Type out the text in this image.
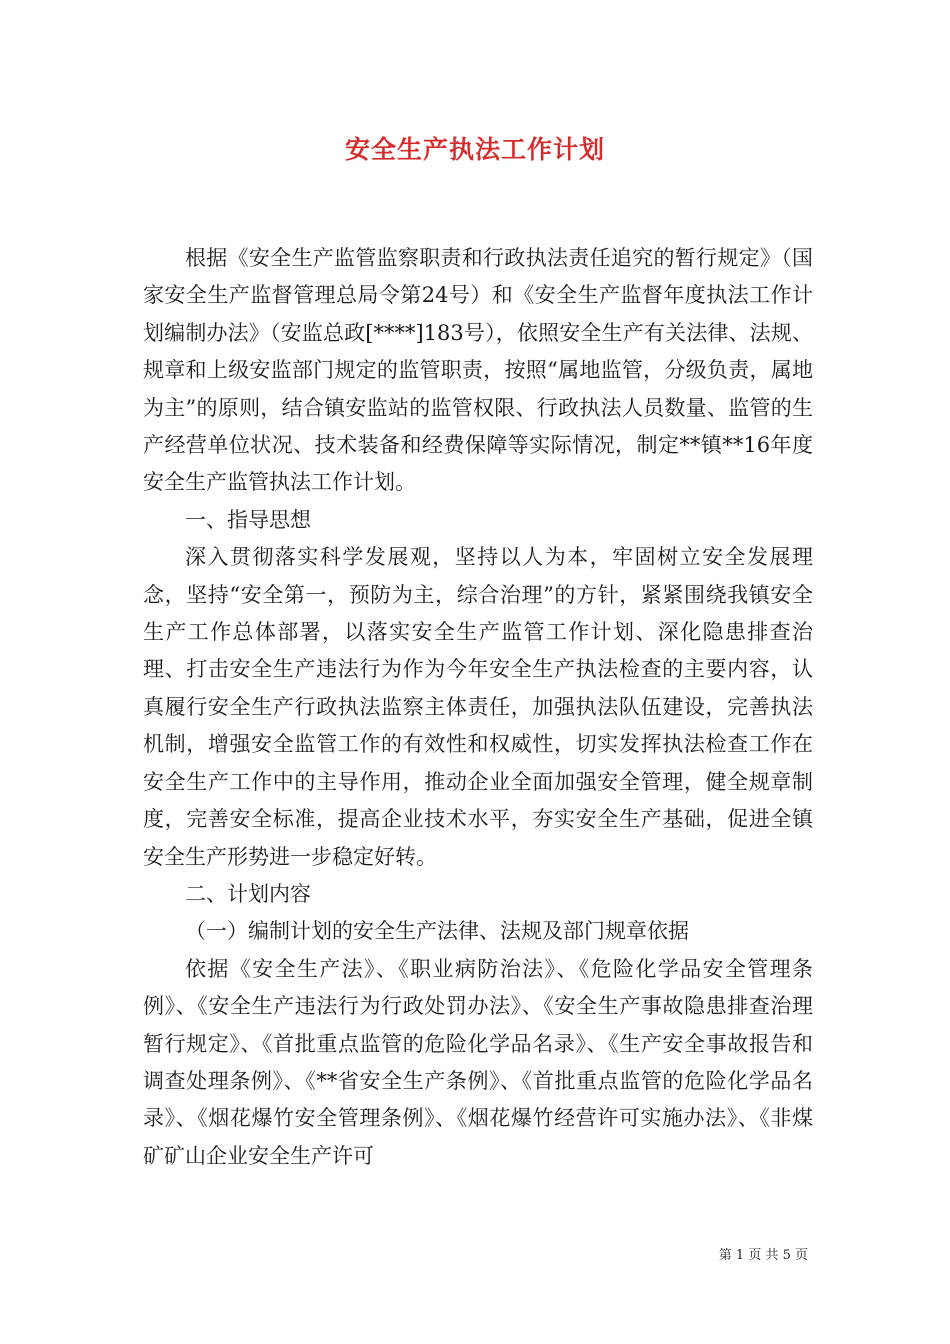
安全生产执法工作计划

根据《安全生产监管监察职责和行政执法责任追究的暂行规定》（国家安全生产监督管理总局令第24号）和《安全生产监督年度执法工作计划编制办法》（安监总政[****]183号），依照安全生产有关法律、法规、规章和上级安监部门规定的监管职责，按照“属地监管，分级负责，属地为主”的原则，结合镇安监站的监管权限、行政执法人员数量、监管的生产经营单位状况、技术装备和经费保障等实际情况，制定**镇**16年度安全生产监管执法工作计划。

一、指导思想

深入贯彻落实科学发展观，坚持以人为本，牢固树立安全发展理念，坚持“安全第一，预防为主，综合治理”的方针，紧紧围绕我镇安全生产工作总体部署，以落实安全生产监管工作计划、深化隐患排查治理、打击安全生产违法行为作为今年安全生产执法检查的主要内容，认真履行安全生产行政执法监察主体责任，加强执法队伍建设，完善执法机制，增强安全监管工作的有效性和权威性，切实发挥执法检查工作在安全生产工作中的主导作用，推动企业全面加强安全管理，健全规章制度，完善安全标准，提高企业技术水平，夯实安全生产基础，促进全镇安全生产形势进一步稳定好转。

二、计划内容

（一）编制计划的安全生产法律、法规及部门规章依据

依据《安全生产法》、《职业病防治法》、《危险化学品安全管理条例》、《安全生产违法行为行政处罚办法》、《安全生产事故隐患排查治理暂行规定》、《首批重点监管的危险化学品名录》、《生产安全事故报告和调查处理条例》、《**省安全生产条例》、《首批重点监管的危险化学品名录》、《烟花爆竹安全管理条例》、《烟花爆竹经营许可实施办法》、《非煤矿矿山企业安全生产许可

第 1 页 共 5 页
